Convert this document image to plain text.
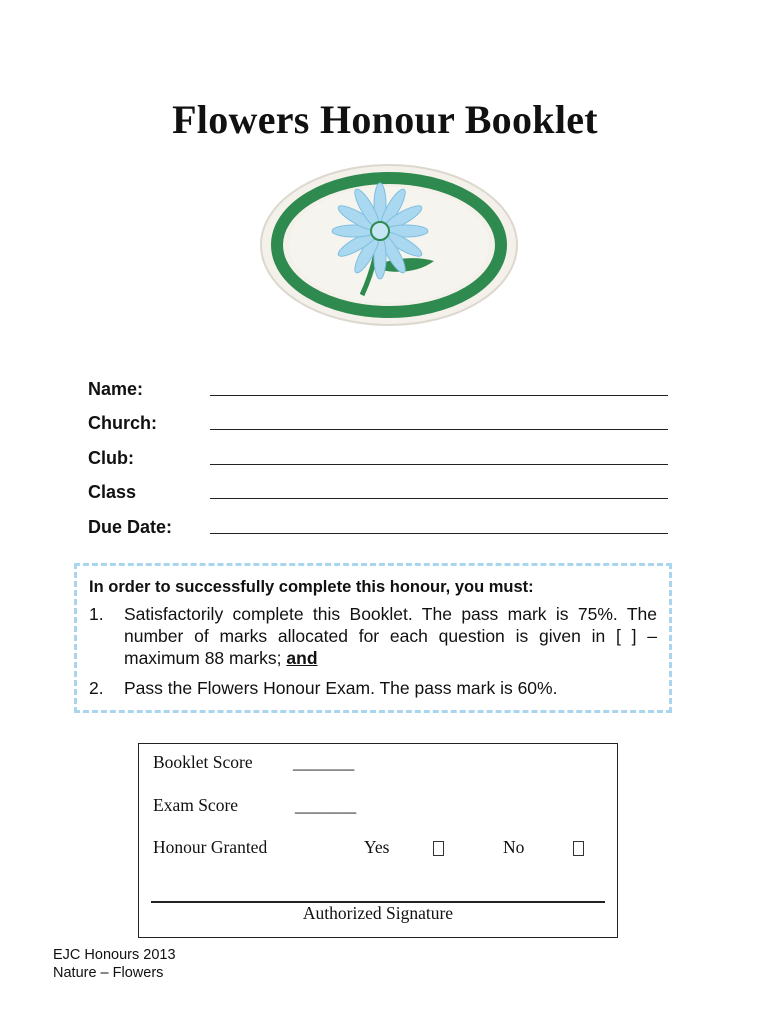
Flowers Honour Booklet
Name:
Church:
Club:
Class
Due Date:
In order to successfully complete this honour, you must:
1.	Satisfactorily complete this Booklet. The pass mark is 75%. The number of marks allocated for each question is given in [ ] – maximum 88 marks; and
2.	Pass the Flowers Honour Exam. The pass mark is 60%.
Booklet Score _______
Exam Score	_______
Honour Granted	Yes	No
Authorized Signature
EJC Honours 2013
Nature – Flowers
